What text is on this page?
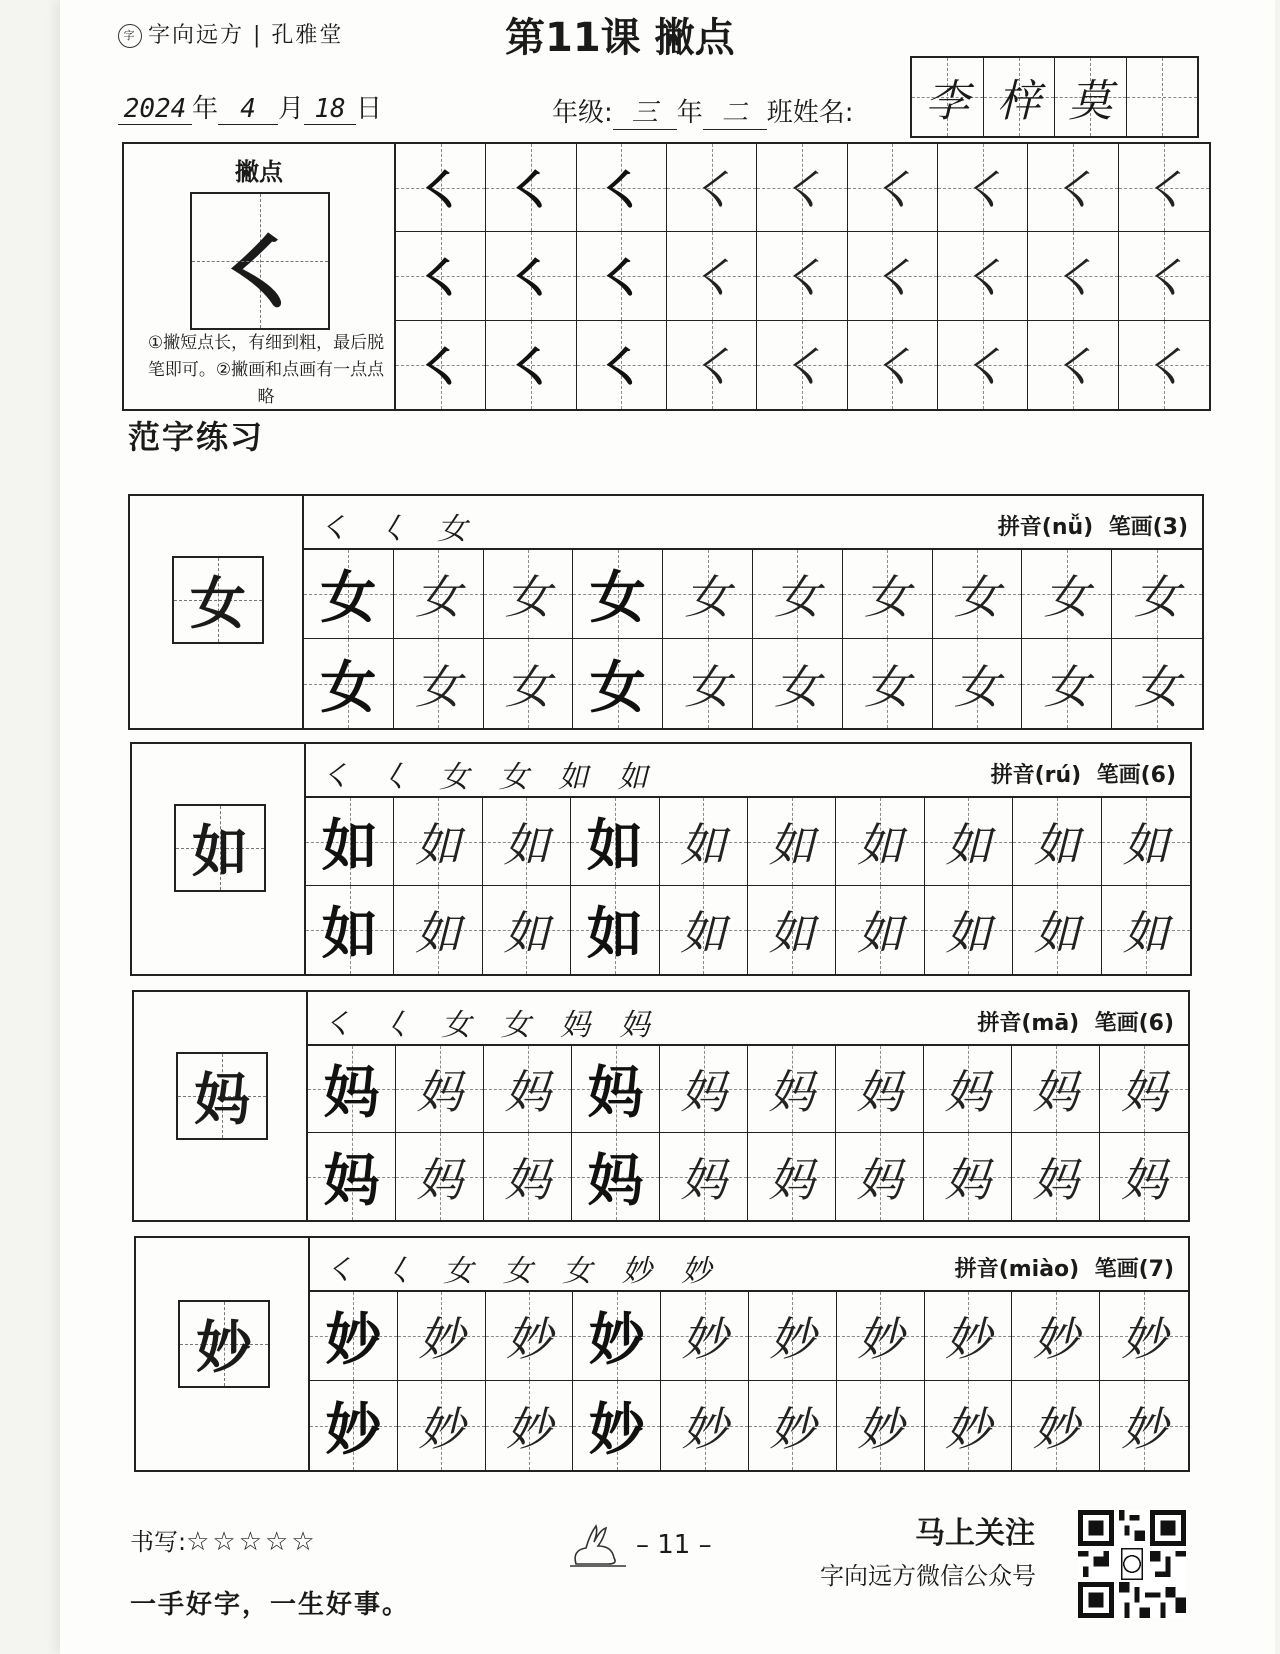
字 字向远方 | 孔雅堂	第11课 撇点
2024 年 4 月 18 日	年级: 三 年 二 班姓名: 李 梓 莫
撇点
㇛
①撇短点长，有细到粗，最后脱笔即可。②撇画和点画有一点点略
㇛ ㇛ ㇛ ㇛ ㇛ ㇛ ㇛ ㇛ ㇛
㇛ ㇛ ㇛ ㇛ ㇛ ㇛ ㇛ ㇛ ㇛
㇛ ㇛ ㇛ ㇛ ㇛ ㇛ ㇛ ㇛ ㇛
范字练习
女
㇛ 𡿨 女	拼音(nǚ) 笔画(3)
女 女 女 女 女 女 女 女 女 女
女 女 女 女 女 女 女 女 女 女
如
㇛ 𡿨 女 女 如 如	拼音(rú) 笔画(6)
如 如 如 如 如 如 如 如 如 如
如 如 如 如 如 如 如 如 如 如
妈
㇛ 𡿨 女 女 妈 妈	拼音(mā) 笔画(6)
妈 妈 妈 妈 妈 妈 妈 妈 妈 妈
妈 妈 妈 妈 妈 妈 妈 妈 妈 妈
妙
㇛ 𡿨 女 女 女 妙 妙	拼音(miào) 笔画(7)
妙 妙 妙 妙 妙 妙 妙 妙 妙 妙
妙 妙 妙 妙 妙 妙 妙 妙 妙 妙
书写:☆☆☆☆☆
一手好字，一生好事。
– 11 –	马上关注
字向远方微信公众号
